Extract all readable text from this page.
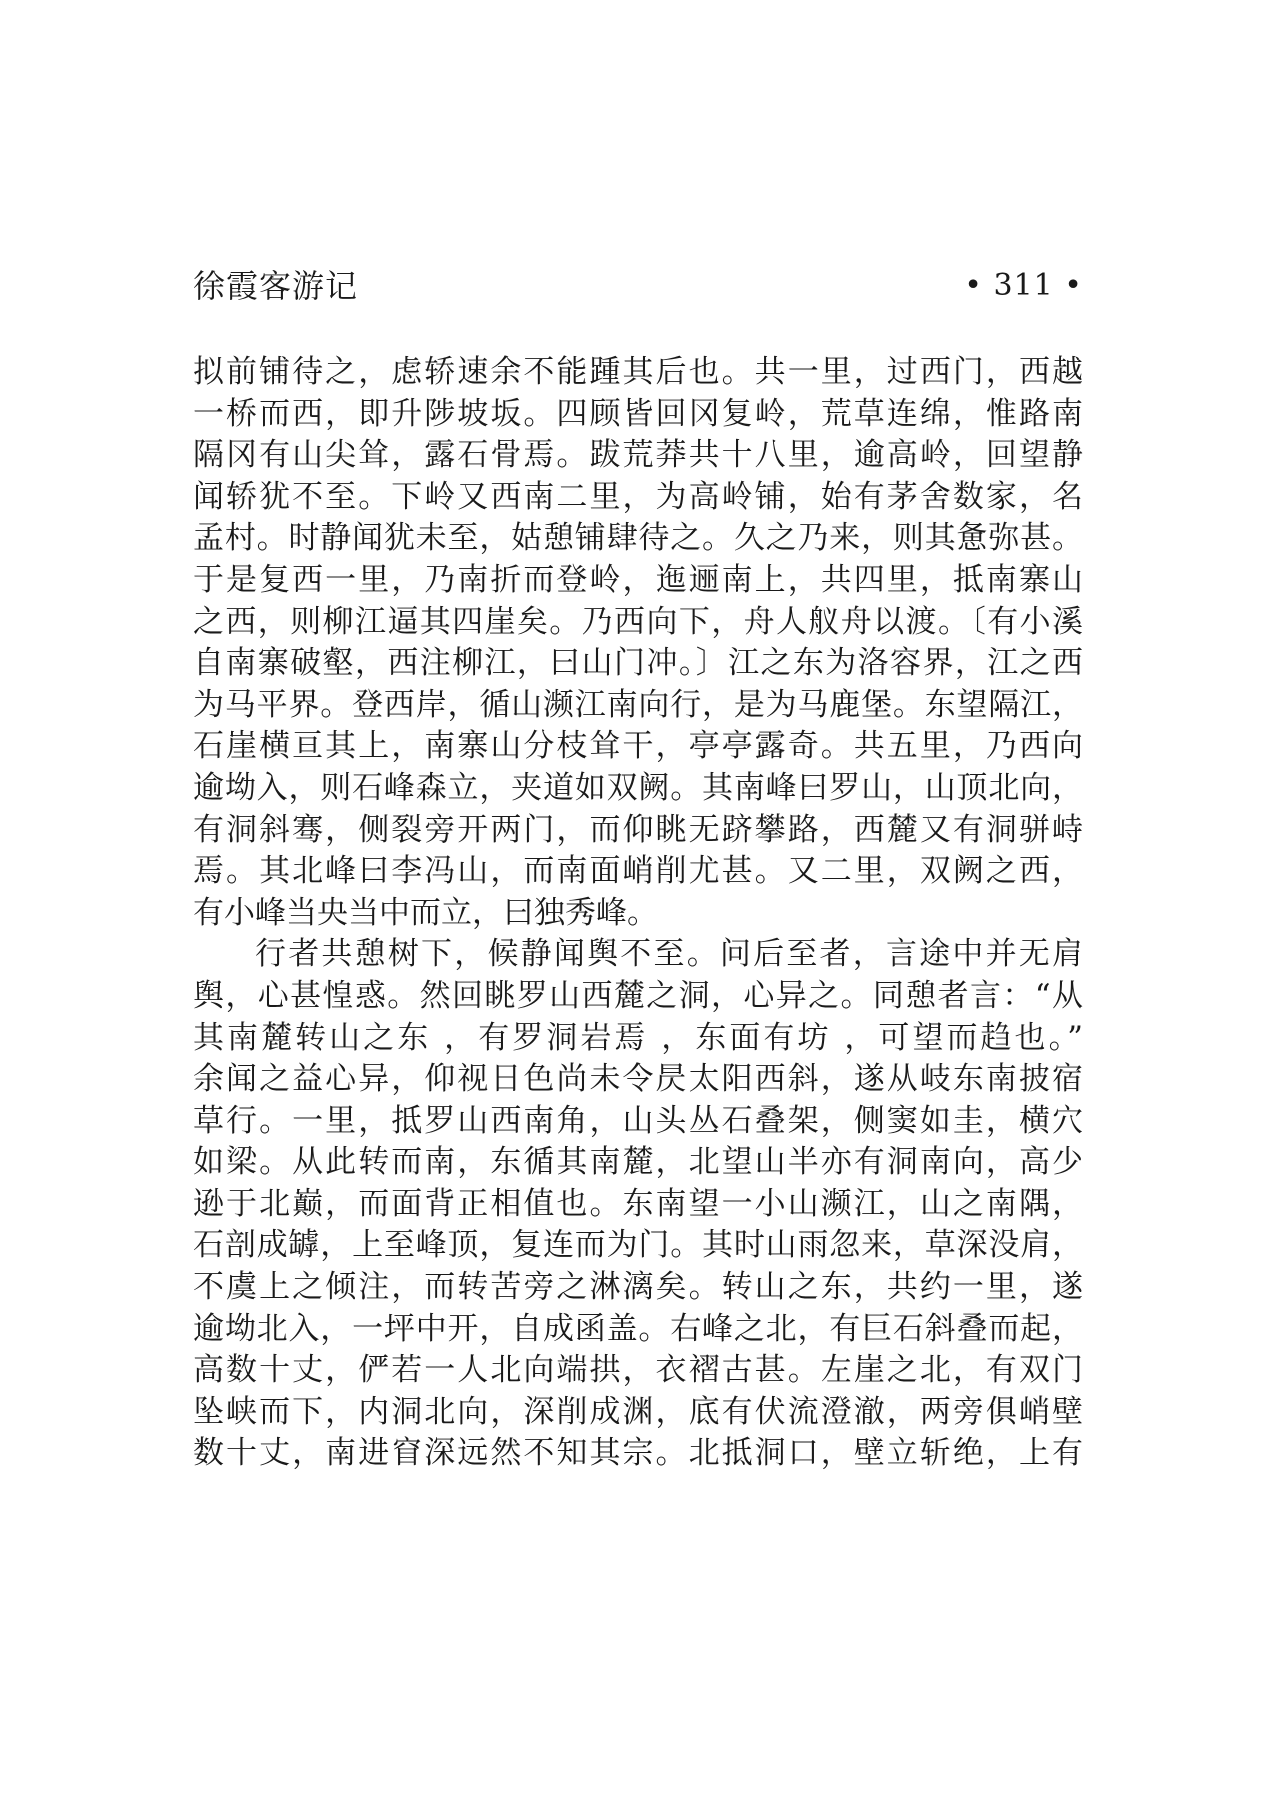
徐霞客游记	• 311 •
拟前铺待之，虑轿速余不能踵其后也。共一里，过西门，西越
一桥而西，即升陟坡坂。四顾皆回冈复岭，荒草连绵，惟路南
隔冈有山尖耸，露石骨焉。跋荒莽共十八里，逾高岭，回望静
闻轿犹不至。下岭又西南二里，为高岭铺，始有茅舍数家，名
孟村。时静闻犹未至，姑憩铺肆待之。久之乃来，则其惫弥甚。
于是复西一里，乃南折而登岭，迤逦南上，共四里，抵南寨山
之西，则柳江逼其四崖矣。乃西向下，舟人舣舟以渡。〔有小溪
自南寨破壑，西注柳江，曰山门冲。〕江之东为洛容界，江之西
为马平界。登西岸，循山濒江南向行，是为马鹿堡。东望隔江，
石崖横亘其上，南寨山分枝耸干，亭亭露奇。共五里，乃西向
逾坳入，则石峰森立，夹道如双阙。其南峰曰罗山，山顶北向，
有洞斜骞，侧裂旁开两门，而仰眺无跻攀路，西麓又有洞骈峙
焉。其北峰曰李冯山，而南面峭削尤甚。又二里，双阙之西，
有小峰当央当中而立，曰独秀峰。
行者共憩树下，候静闻舆不至。问后至者，言途中并无肩
舆，心甚惶惑。然回眺罗山西麓之洞，心异之。同憩者言：“从
其南麓转山之东 ，有罗洞岩焉 ，东面有坊 ，可望而趋也。”
余闻之益心异，仰视日色尚未令昃太阳西斜，遂从岐东南披宿
草行。一里，抵罗山西南角，山头丛石叠架，侧窦如圭，横穴
如梁。从此转而南，东循其南麓，北望山半亦有洞南向，高少
逊于北巅，而面背正相值也。东南望一小山濒江，山之南隅，
石剖成罅，上至峰顶，复连而为门。其时山雨忽来，草深没肩，
不虞上之倾注，而转苦旁之淋漓矣。转山之东，共约一里，遂
逾坳北入，一坪中开，自成函盖。右峰之北，有巨石斜叠而起，
高数十丈，俨若一人北向端拱，衣褶古甚。左崖之北，有双门
坠峡而下，内洞北向，深削成渊，底有伏流澄澈，两旁俱峭壁
数十丈，南进窅深远然不知其宗。北抵洞口，壁立斩绝，上有
